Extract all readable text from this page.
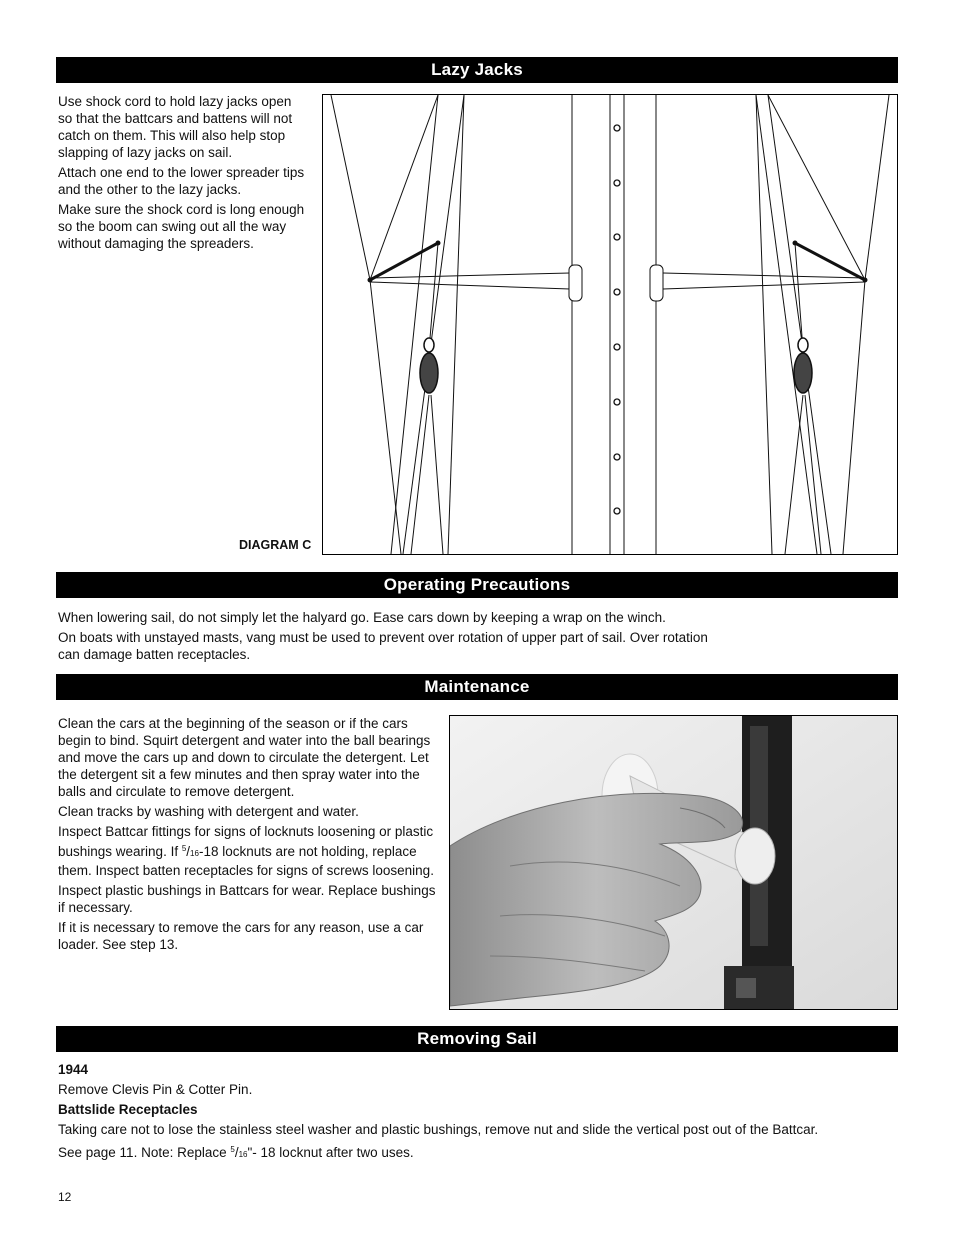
Lazy Jacks

Use shock cord to hold lazy jacks open so that the battcars and battens will not catch on them. This will also help stop slapping of lazy jacks on sail.

Attach one end to the lower spreader tips and the other to the lazy jacks.

Make sure the shock cord is long enough so the boom can swing out all the way without damaging the spreaders.

DIAGRAM C
Operating Precautions

When lowering sail, do not simply let the halyard go. Ease cars down by keeping a wrap on the winch.

On boats with unstayed masts, vang must be used to prevent over rotation of upper part of sail. Over rotation can damage batten receptacles.

Maintenance

Clean the cars at the beginning of the season or if the cars begin to bind. Squirt detergent and water into the ball bearings and move the cars up and down to circulate the detergent. Let the detergent sit a few minutes and then spray water into the balls and circulate to remove detergent.

Clean tracks by washing with detergent and water.

Inspect Battcar fittings for signs of locknuts loosening or plastic bushings wearing. If $^5$/16-18 locknuts are not holding, replace them. Inspect batten receptacles for signs of screws loosening.

Inspect plastic bushings in Battcars for wear. Replace bushings if necessary.

If it is necessary to remove the cars for any reason, use a car loader. See step 13.

Removing Sail

1944

Remove Clevis Pin & Cotter Pin.

Battslide Receptacles

Taking care not to lose the stainless steel washer and plastic bushings, remove nut and slide the vertical post out of the Battcar.

See page 11. Note: Replace $^5$/16"- 18 locknut after two uses.

12
